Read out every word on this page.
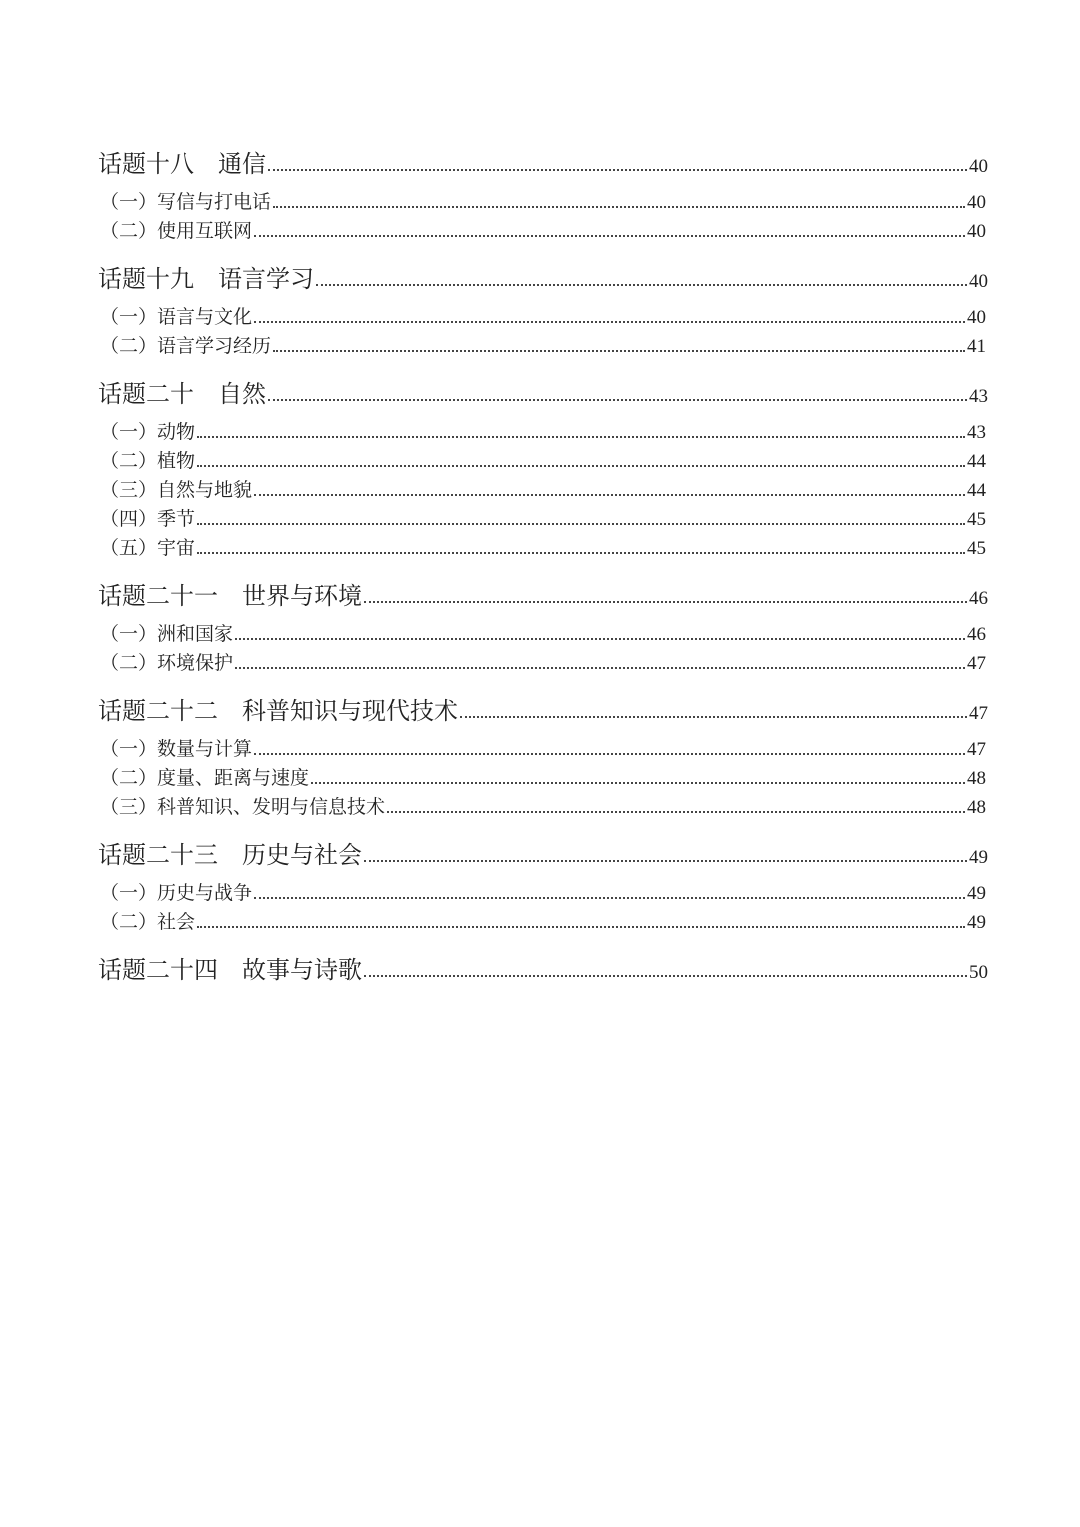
话题十八　通信	40
（一）写信与打电话	40
（二）使用互联网	40
话题十九　语言学习	40
（一）语言与文化	40
（二）语言学习经历	41
话题二十　自然	43
（一）动物	43
（二）植物	44
（三）自然与地貌	44
（四）季节	45
（五）宇宙	45
话题二十一　世界与环境	46
（一）洲和国家	46
（二）环境保护	47
话题二十二　科普知识与现代技术	47
（一）数量与计算	47
（二）度量、距离与速度	48
（三）科普知识、发明与信息技术	48
话题二十三　历史与社会	49
（一）历史与战争	49
（二）社会	49
话题二十四　故事与诗歌	50
